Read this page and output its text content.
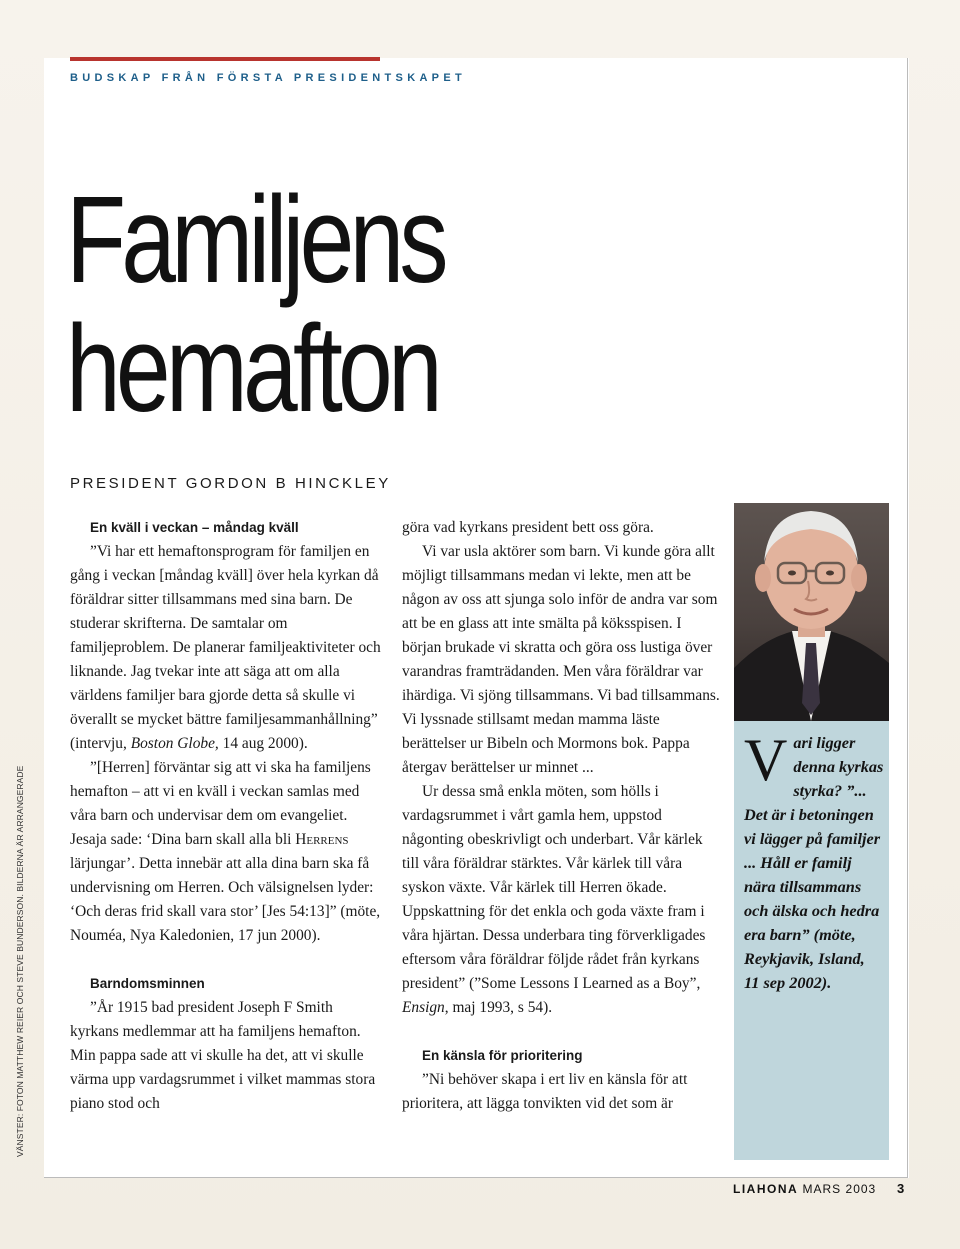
BUDSKAP FRÅN FÖRSTA PRESIDENTSKAPET
Familjens
hemafton
PRESIDENT GORDON B HINCKLEY

En kväll i veckan – måndag kväll

”Vi har ett hemaftonsprogram för familjen en gång i veckan [måndag kväll] över hela kyrkan då föräldrar sitter tillsammans med sina barn. De studerar skrifterna. De samtalar om familjeproblem. De planerar familjeaktiviteter och liknande. Jag tvekar inte att säga att om alla världens familjer bara gjorde detta så skulle vi överallt se mycket bättre familjesammanhållning” (intervju, Boston Globe, 14 aug 2000).

”[Herren] förväntar sig att vi ska ha familjens hemafton – att vi en kväll i veckan samlas med våra barn och undervisar dem om evangeliet. Jesaja sade: ‘Dina barn skall alla bli Herrens lärjungar’. Detta innebär att alla dina barn ska få undervisning om Herren. Och välsignelsen lyder: ‘Och deras frid skall vara stor’ [Jes 54:13]” (möte, Nouméa, Nya Kaledonien, 17 jun 2000).

Barndomsminnen

”År 1915 bad president Joseph F Smith kyrkans medlemmar att ha familjens hemafton. Min pappa sade att vi skulle ha det, att vi skulle värma upp vardagsrummet i vilket mammas stora piano stod och

göra vad kyrkans president bett oss göra.

Vi var usla aktörer som barn. Vi kunde göra allt möjligt tillsammans medan vi lekte, men att be någon av oss att sjunga solo inför de andra var som att be en glass att inte smälta på köksspisen. I början brukade vi skratta och göra oss lustiga över varandras framträdanden. Men våra föräldrar var ihärdiga. Vi sjöng tillsammans. Vi bad tillsammans. Vi lyssnade stillsamt medan mamma läste berättelser ur Bibeln och Mormons bok. Pappa återgav berättelser ur minnet ...

Ur dessa små enkla möten, som hölls i vardagsrummet i vårt gamla hem, uppstod någonting obeskrivligt och underbart. Vår kärlek till våra föräldrar stärktes. Vår kärlek till våra syskon växte. Vår kärlek till Herren ökade. Uppskattning för det enkla och goda växte fram i våra hjärtan. Dessa underbara ting förverkligades eftersom våra föräldrar följde rådet från kyrkans president” (”Some Lessons I Learned as a Boy”, Ensign, maj 1993, s 54).

En känsla för prioritering

”Ni behöver skapa i ert liv en känsla för att prioritera, att lägga tonvikten vid det som är

V ari ligger denna kyrkas styrka? ”... Det är i betoningen vi lägger på familjer ... Håll er familj nära tillsammans och älska och hedra era barn” (möte, Reykjavik, Island, 11 sep 2002).
VÄNSTER: FOTON MATTHEW REIER OCH STEVE BUNDERSON. BILDERNA ÄR ARRANGERADE
LIAHONA MARS 2003 3
